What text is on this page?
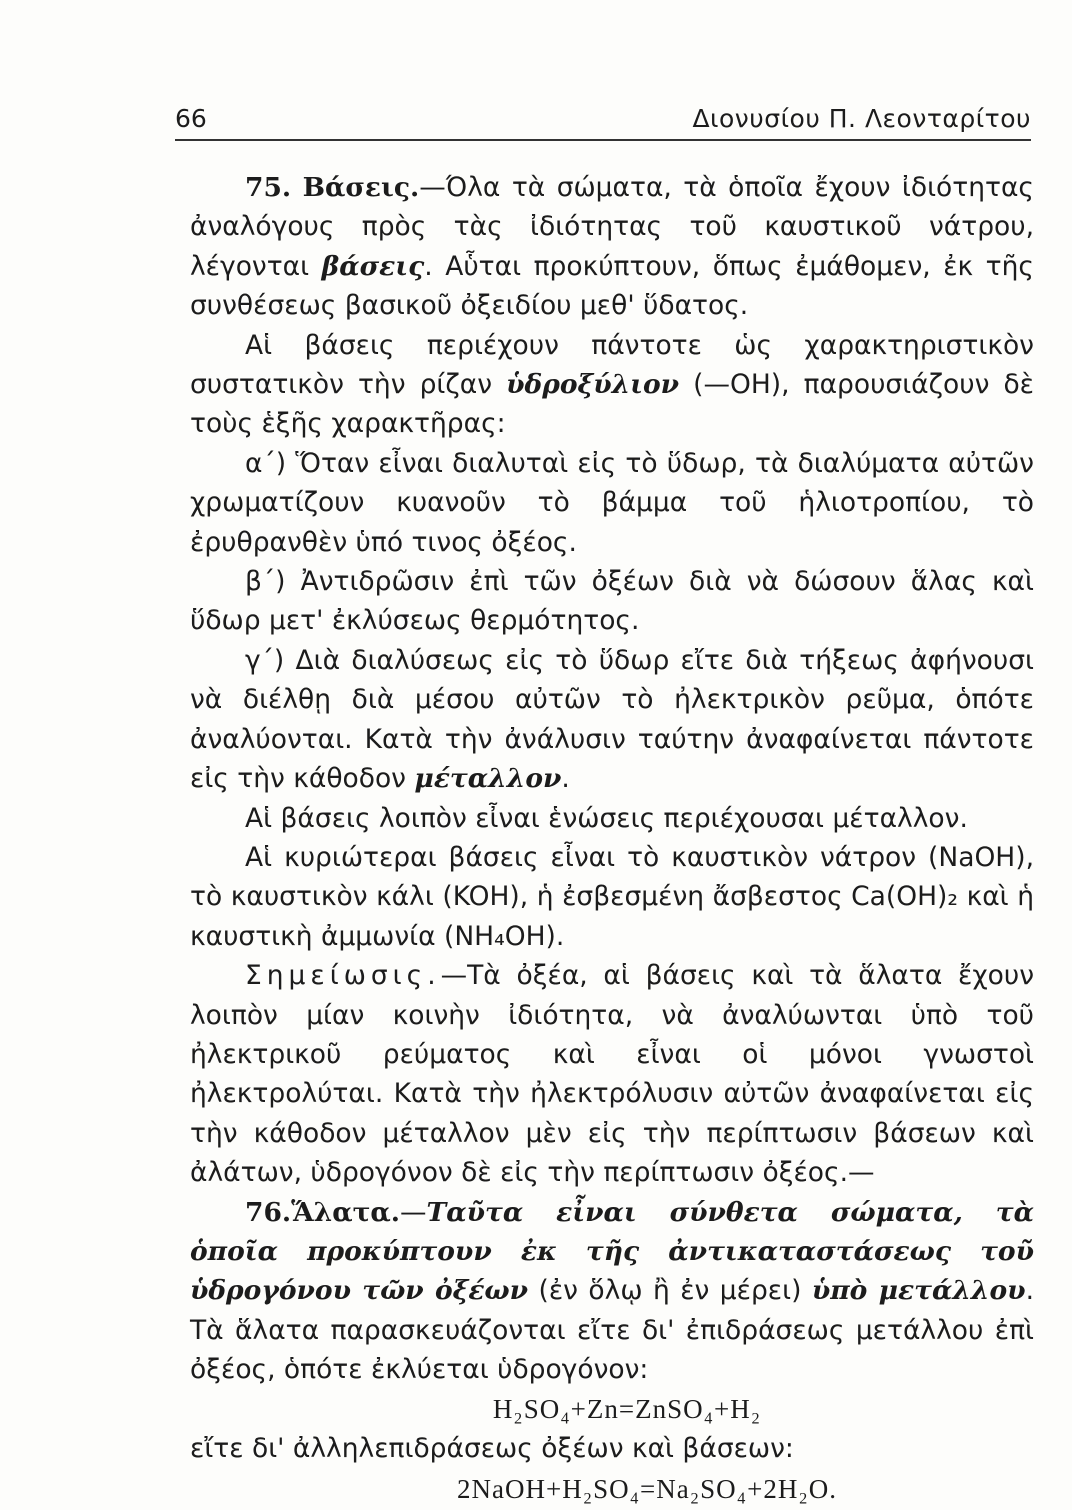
66	Διονυσίου Π. Λεονταρίτου

75. Βάσεις.—Όλα τὰ σώματα, τὰ ὁποῖα ἔχουν ἰδιότητας ἀναλόγους πρὸς τὰς ἰδιότητας τοῦ καυστικοῦ νάτρου, λέγονται βάσεις. Αὗται προκύπτουν, ὅπως ἐμάθομεν, ἐκ τῆς συνθέσεως βασικοῦ ὀξειδίου μεθ' ὕδατος.

Αἱ βάσεις περιέχουν πάντοτε ὡς χαρακτηριστικὸν συστατικὸν τὴν ρίζαν ὑδροξύλιον (—OH), παρουσιάζουν δὲ τοὺς ἑξῆς χαρακτῆρας:

α΄) Ὅταν εἶναι διαλυταὶ εἰς τὸ ὕδωρ, τὰ διαλύματα αὐτῶν χρωματίζουν κυανοῦν τὸ βάμμα τοῦ ἡλιοτροπίου, τὸ ἐρυθρανθὲν ὑπό τινος ὀξέος.

β΄) Ἀντιδρῶσιν ἐπὶ τῶν ὀξέων διὰ νὰ δώσουν ἅλας καὶ ὕδωρ μετ' ἐκλύσεως θερμότητος.

γ΄) Διὰ διαλύσεως εἰς τὸ ὕδωρ εἴτε διὰ τήξεως ἀφήνουσι νὰ διέλθῃ διὰ μέσου αὐτῶν τὸ ἠλεκτρικὸν ρεῦμα, ὁπότε ἀναλύονται. Κατὰ τὴν ἀνάλυσιν ταύτην ἀναφαίνεται πάντοτε εἰς τὴν κάθοδον μέταλλον.

Αἱ βάσεις λοιπὸν εἶναι ἑνώσεις περιέχουσαι μέταλλον.

Αἱ κυριώτεραι βάσεις εἶναι τὸ καυστικὸν νάτρον (NaOH), τὸ καυστικὸν κάλι (KOH), ἡ ἐσβεσμένη ἄσβεστος Ca(OH)₂ καὶ ἡ καυστικὴ ἀμμωνία (NH₄OH).

Σημείωσις.—Τὰ ὀξέα, αἱ βάσεις καὶ τὰ ἅλατα ἔχουν λοιπὸν μίαν κοινὴν ἰδιότητα, νὰ ἀναλύωνται ὑπὸ τοῦ ἠλεκτρικοῦ ρεύματος καὶ εἶναι οἱ μόνοι γνωστοὶ ἠλεκτρολύται. Κατὰ τὴν ἠλεκτρόλυσιν αὐτῶν ἀναφαίνεται εἰς τὴν κάθοδον μέταλλον μὲν εἰς τὴν περίπτωσιν βάσεων καὶ ἀλάτων, ὑδρογόνον δὲ εἰς τὴν περίπτωσιν ὀξέος.—

76.Ἅλατα.—Ταῦτα εἶναι σύνθετα σώματα, τὰ ὁποῖα προκύπτουν ἐκ τῆς ἀντικαταστάσεως τοῦ ὑδρογόνου τῶν ὀξέων (ἐν ὅλῳ ἢ ἐν μέρει) ὑπὸ μετάλλου. Τὰ ἅλατα παρασκευάζονται εἴτε δι' ἐπιδράσεως μετάλλου ἐπὶ ὀξέος, ὁπότε ἐκλύεται ὑδρογόνον:

H₂SO₄+Zn=ZnSO₄+H₂

εἴτε δι' ἀλληλεπιδράσεως ὀξέων καὶ βάσεων:

2NaOH+H₂SO₄=Na₂SO₄+2H₂O.
